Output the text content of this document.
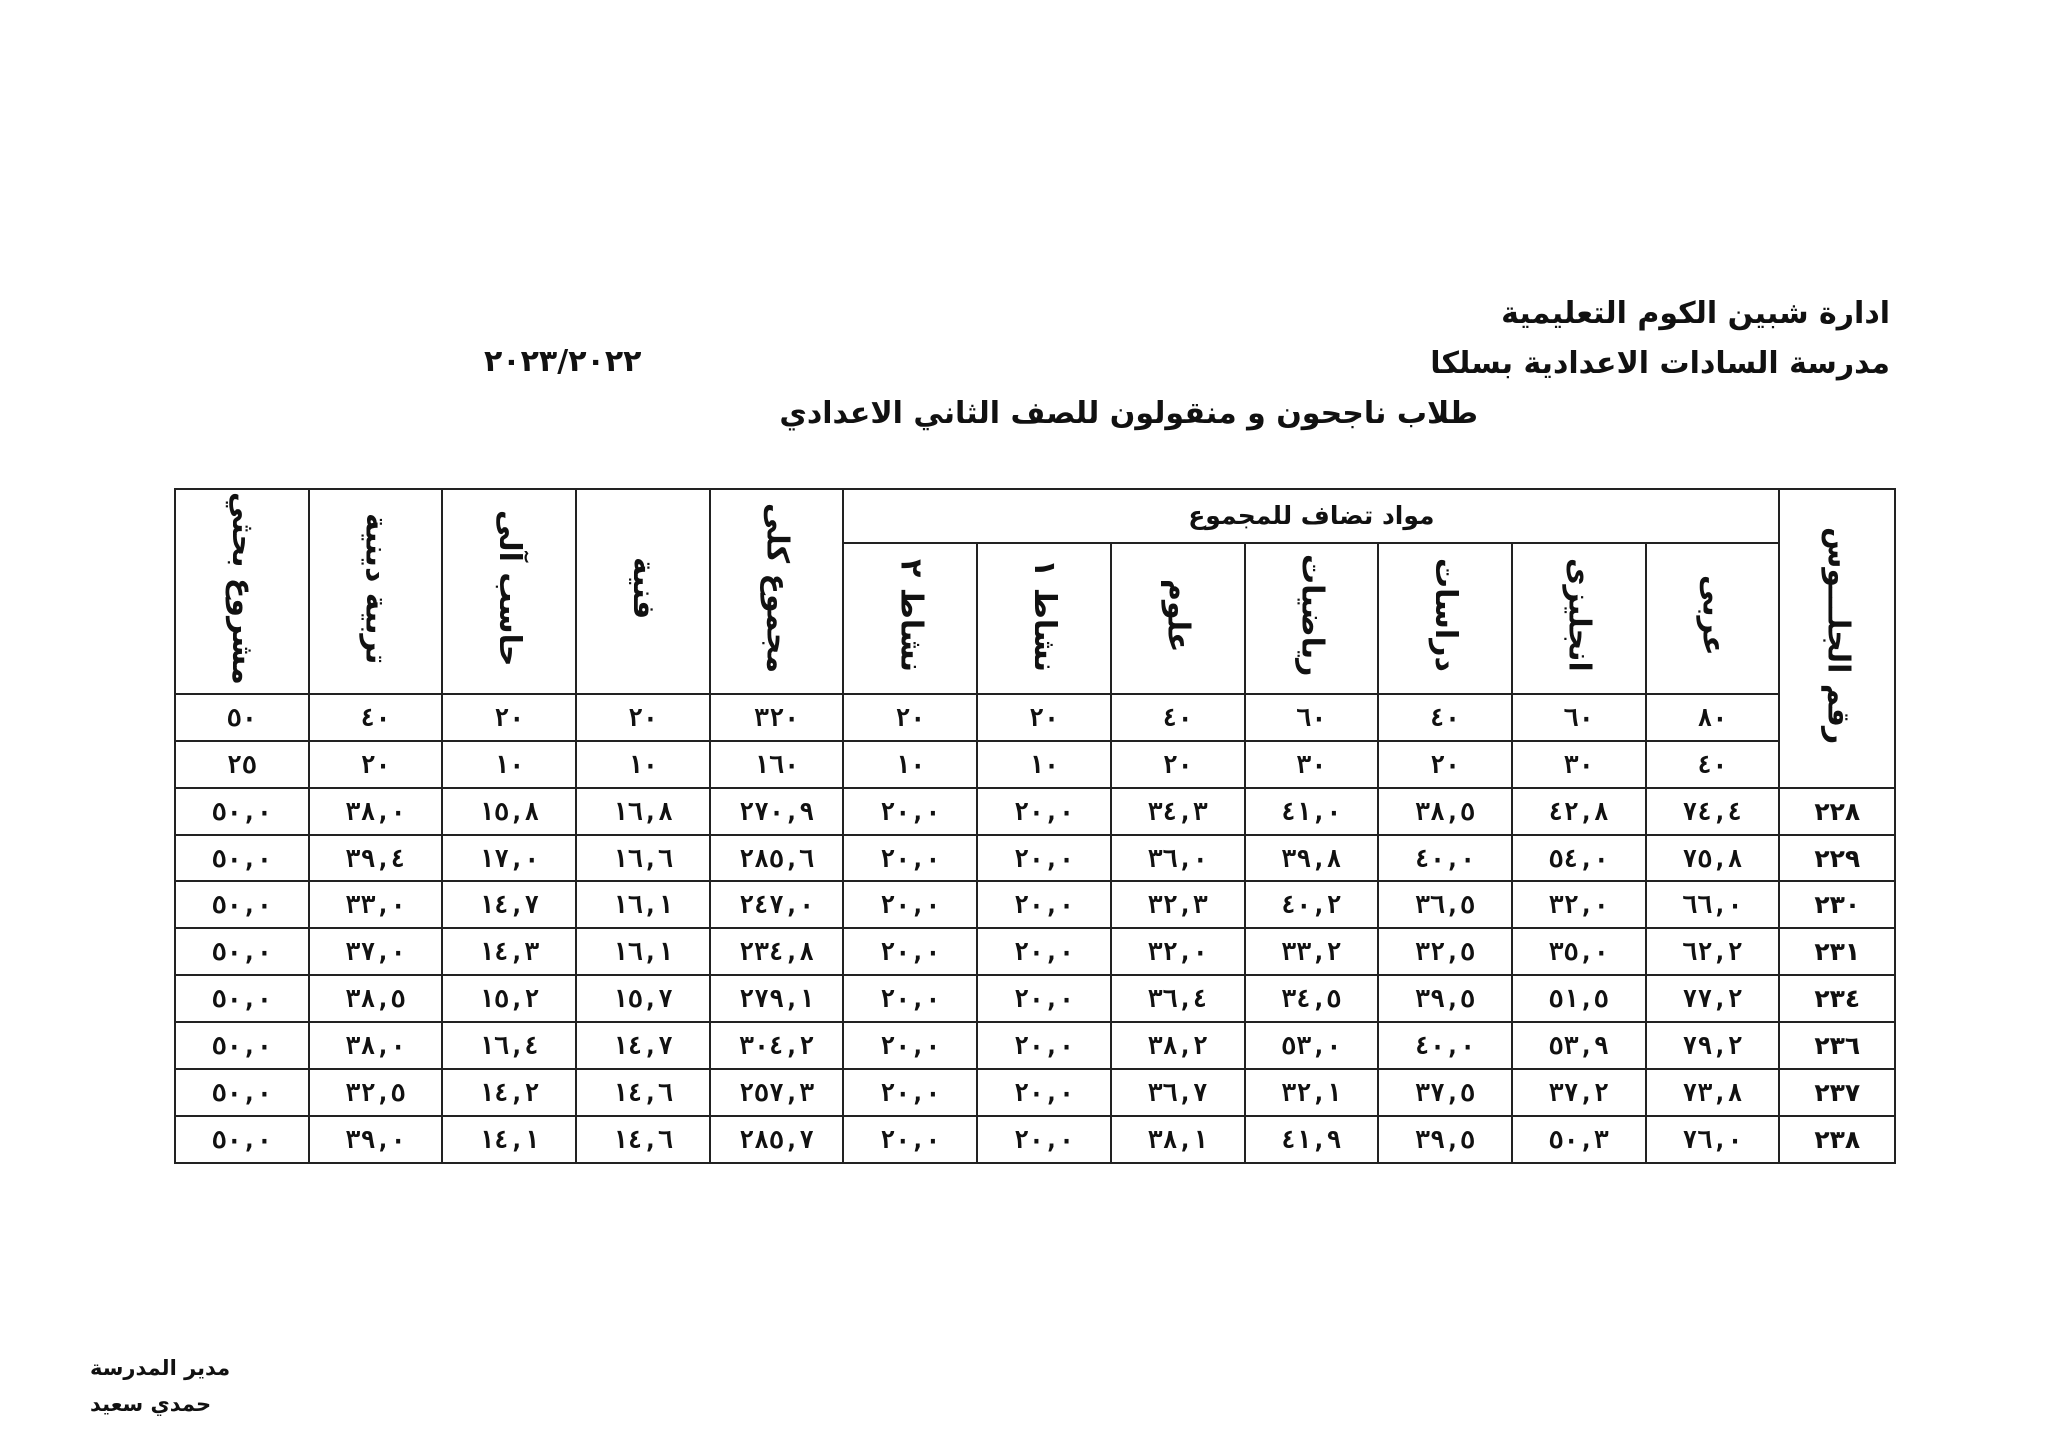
ادارة شبين الكوم التعليمية
مدرسة السادات الاعدادية بسلكا
٢٠٢٣/٢٠٢٢
طلاب ناجحون و منقولون للصف الثاني الاعدادي
رقم الجلـــوس	مواد تضاف للمجموع							مجموع كلى	فنية	حاسب آلى	تربية دينية	مشروع بحثي
	عربى	انجليزى	دراسات	رياضيات	علوم	نشاط ١	نشاط ٢					
	٨٠	٦٠	٤٠	٦٠	٤٠	٢٠	٢٠	٣٢٠	٢٠	٢٠	٤٠	٥٠
	٤٠	٣٠	٢٠	٣٠	٢٠	١٠	١٠	١٦٠	١٠	١٠	٢٠	٢٥
٢٢٨	٧٤,٤	٤٢,٨	٣٨,٥	٤١,٠	٣٤,٣	٢٠,٠	٢٠,٠	٢٧٠,٩	١٦,٨	١٥,٨	٣٨,٠	٥٠,٠
٢٢٩	٧٥,٨	٥٤,٠	٤٠,٠	٣٩,٨	٣٦,٠	٢٠,٠	٢٠,٠	٢٨٥,٦	١٦,٦	١٧,٠	٣٩,٤	٥٠,٠
٢٣٠	٦٦,٠	٣٢,٠	٣٦,٥	٤٠,٢	٣٢,٣	٢٠,٠	٢٠,٠	٢٤٧,٠	١٦,١	١٤,٧	٣٣,٠	٥٠,٠
٢٣١	٦٢,٢	٣٥,٠	٣٢,٥	٣٣,٢	٣٢,٠	٢٠,٠	٢٠,٠	٢٣٤,٨	١٦,١	١٤,٣	٣٧,٠	٥٠,٠
٢٣٤	٧٧,٢	٥١,٥	٣٩,٥	٣٤,٥	٣٦,٤	٢٠,٠	٢٠,٠	٢٧٩,١	١٥,٧	١٥,٢	٣٨,٥	٥٠,٠
٢٣٦	٧٩,٢	٥٣,٩	٤٠,٠	٥٣,٠	٣٨,٢	٢٠,٠	٢٠,٠	٣٠٤,٢	١٤,٧	١٦,٤	٣٨,٠	٥٠,٠
٢٣٧	٧٣,٨	٣٧,٢	٣٧,٥	٣٢,١	٣٦,٧	٢٠,٠	٢٠,٠	٢٥٧,٣	١٤,٦	١٤,٢	٣٢,٥	٥٠,٠
٢٣٨	٧٦,٠	٥٠,٣	٣٩,٥	٤١,٩	٣٨,١	٢٠,٠	٢٠,٠	٢٨٥,٧	١٤,٦	١٤,١	٣٩,٠	٥٠,٠
مدير المدرسة
حمدي سعيد
